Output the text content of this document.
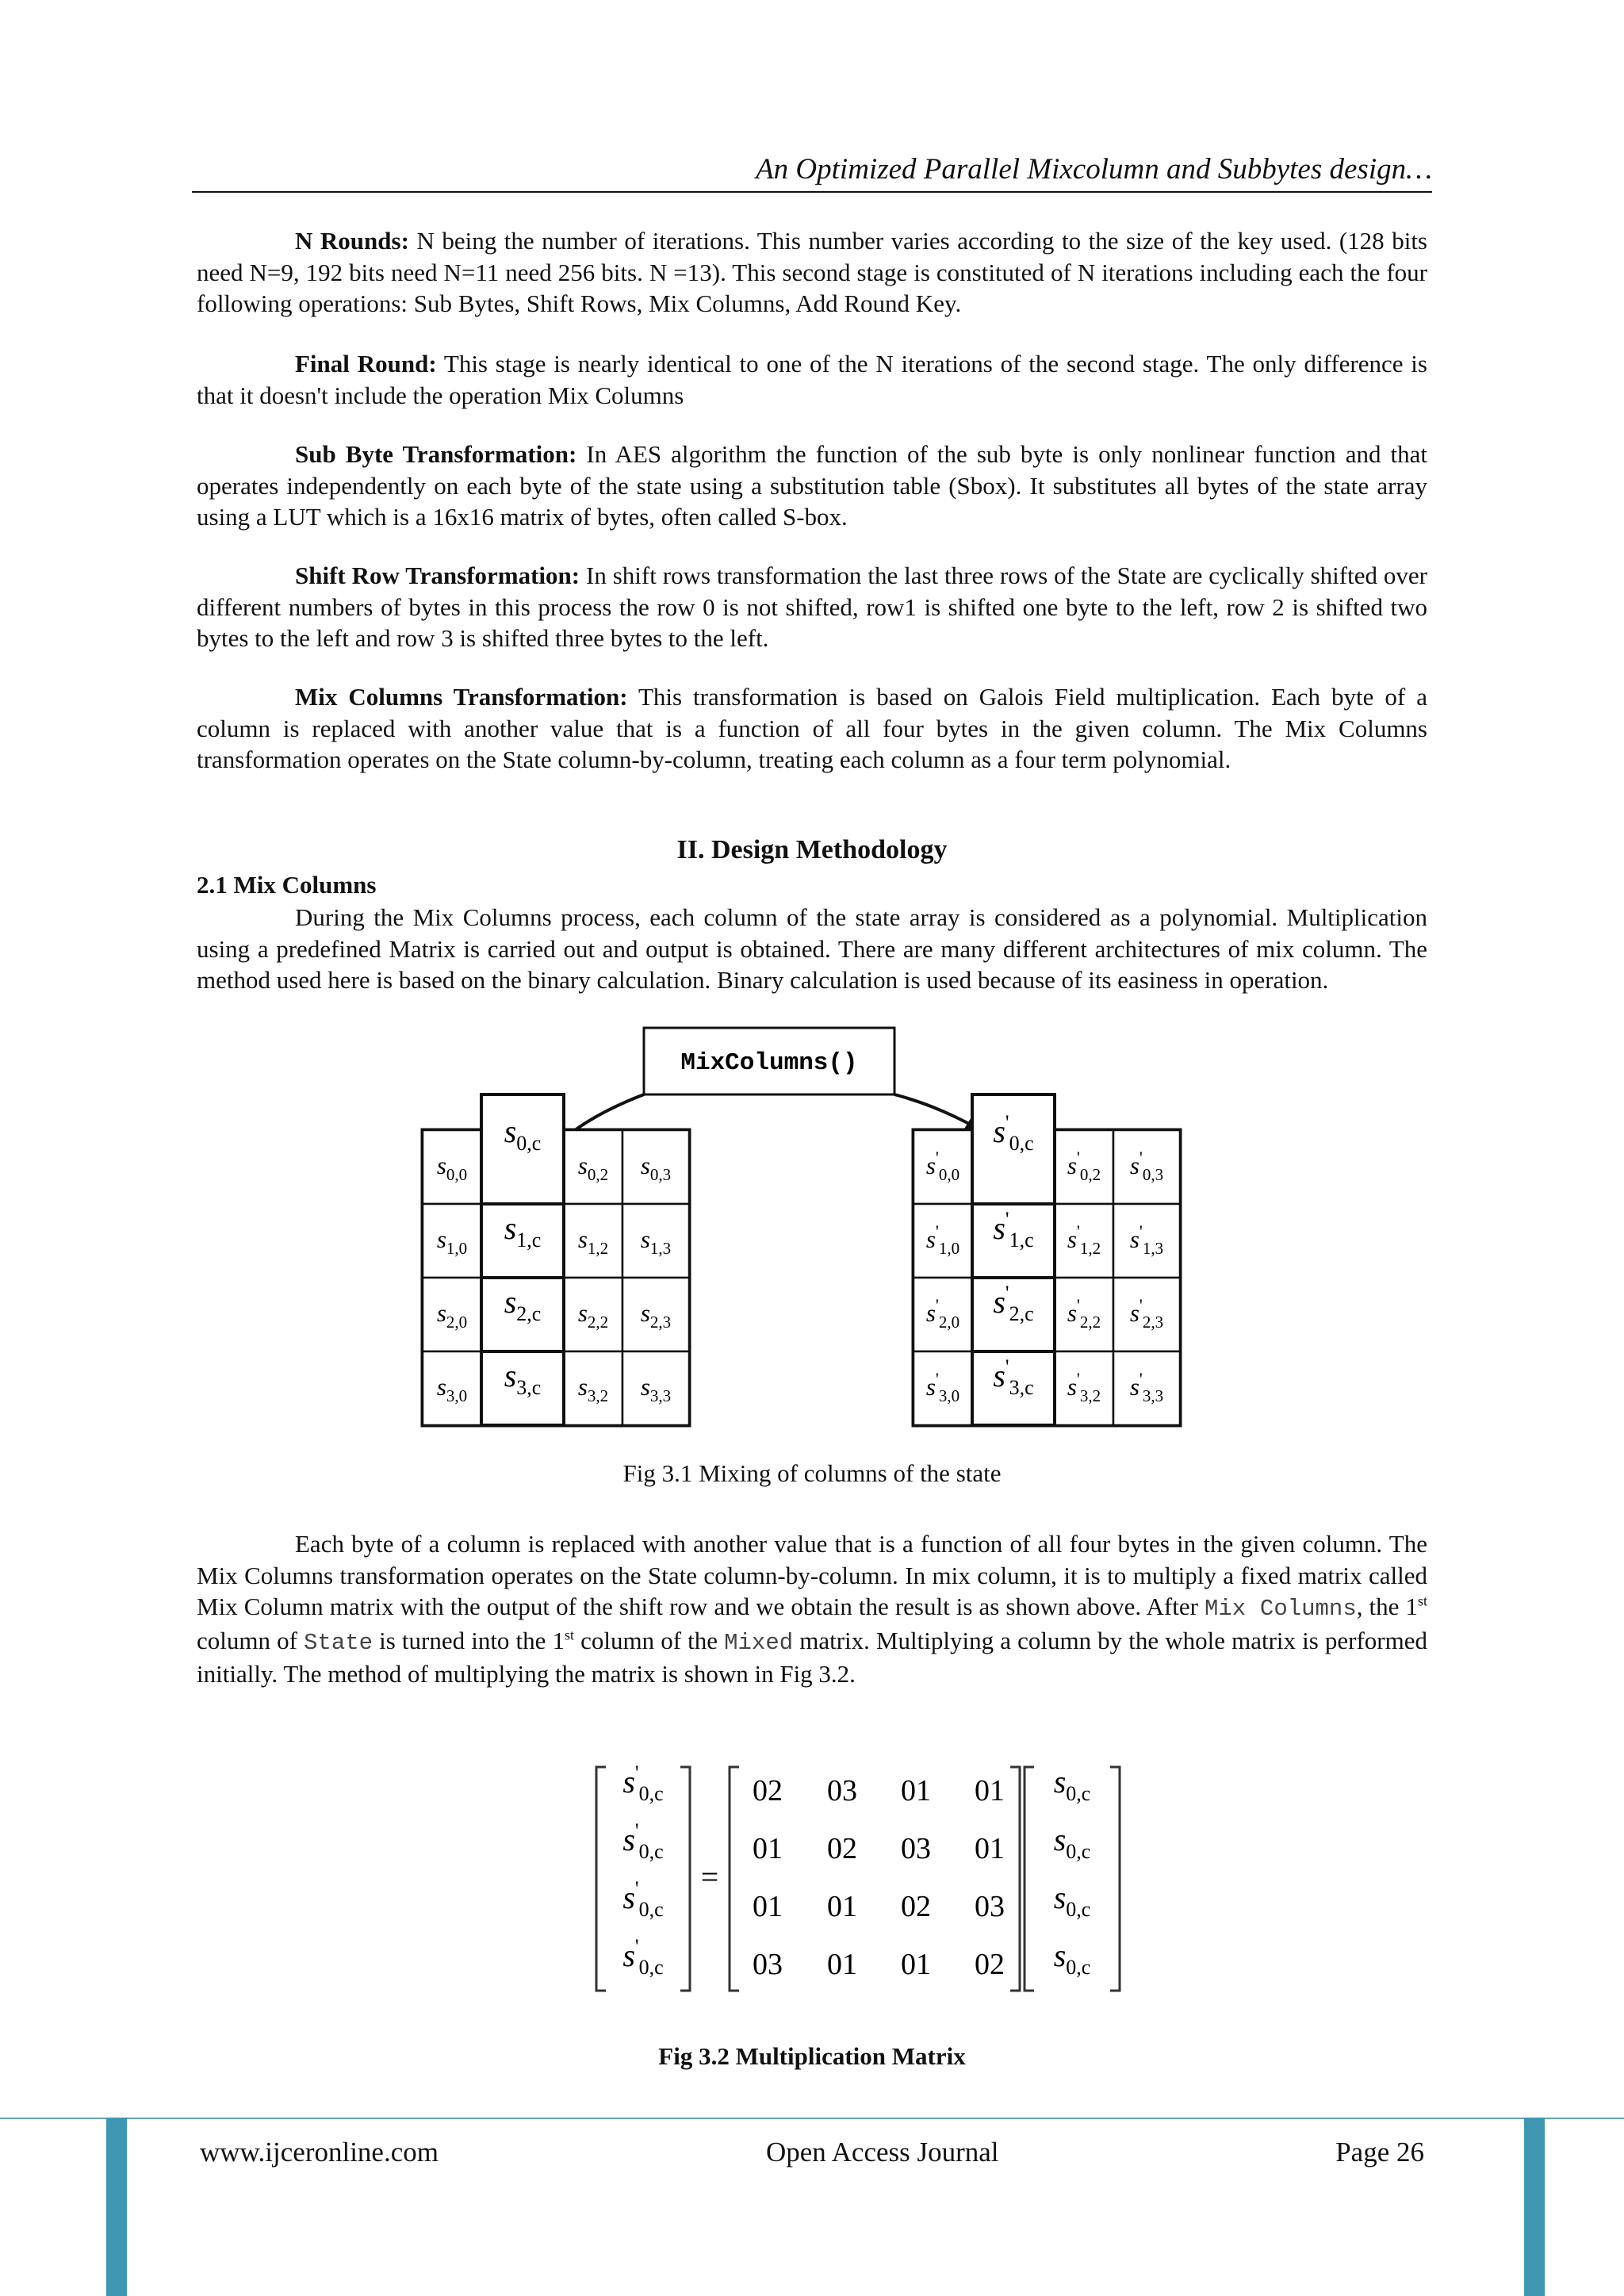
An Optimized Parallel Mixcolumn and Subbytes design…
N Rounds: N being the number of iterations. This number varies according to the size of the key used. (128 bits need N=9, 192 bits need N=11 need 256 bits. N =13). This second stage is constituted of N iterations including each the four following operations: Sub Bytes, Shift Rows, Mix Columns, Add Round Key.
Final Round: This stage is nearly identical to one of the N iterations of the second stage. The only difference is that it doesn't include the operation Mix Columns
Sub Byte Transformation: In AES algorithm the function of the sub byte is only nonlinear function and that operates independently on each byte of the state using a substitution table (Sbox). It substitutes all bytes of the state array using a LUT which is a 16x16 matrix of bytes, often called S-box.
Shift Row Transformation: In shift rows transformation the last three rows of the State are cyclically shifted over different numbers of bytes in this process the row 0 is not shifted, row1 is shifted one byte to the left, row 2 is shifted two bytes to the left and row 3 is shifted three bytes to the left.
Mix Columns Transformation: This transformation is based on Galois Field multiplication. Each byte of a column is replaced with another value that is a function of all four bytes in the given column. The Mix Columns transformation operates on the State column-by-column, treating each column as a four term polynomial.
II. Design Methodology
2.1 Mix Columns
During the Mix Columns process, each column of the state array is considered as a polynomial. Multiplication using a predefined Matrix is carried out and output is obtained. There are many different architectures of mix column. The method used here is based on the binary calculation. Binary calculation is used because of its easiness in operation.
MixColumns()
s0,0
s0,c
s0,2 s0,3
s1,0
s1,c s1,2 s1,3
s2,0
s2,c s2,2 s2,3
s3,0
s3,c s3,2 s3,3
s'0,0
s'0,c
s'0,2 s'0,3
s'1,0
s'1,c s'1,2 s'1,3
s'2,0
s'2,c s'2,2 s'2,3
s'3,0
s'3,c s'3,2 s'3,3
Fig 3.1 Mixing of columns of the state
Each byte of a column is replaced with another value that is a function of all four bytes in the given column. The Mix Columns transformation operates on the State column-by-column. In mix column, it is to multiply a fixed matrix called Mix Column matrix with the output of the shift row and we obtain the result is as shown above. After Mix Columns, the 1st column of State is turned into the 1st column of the Mixed matrix. Multiplying a column by the whole matrix is performed initially. The method of multiplying the matrix is shown in Fig 3.2.
=
s'0,c
s'0,c
s'0,c
s'0,c
02 03 01 01
01 02 03 01
01 01 02 03
03 01 01 02
s0,c
s0,c
s0,c
s0,c
Fig 3.2 Multiplication Matrix
www.ijceronline.com	Open Access Journal	Page 26
